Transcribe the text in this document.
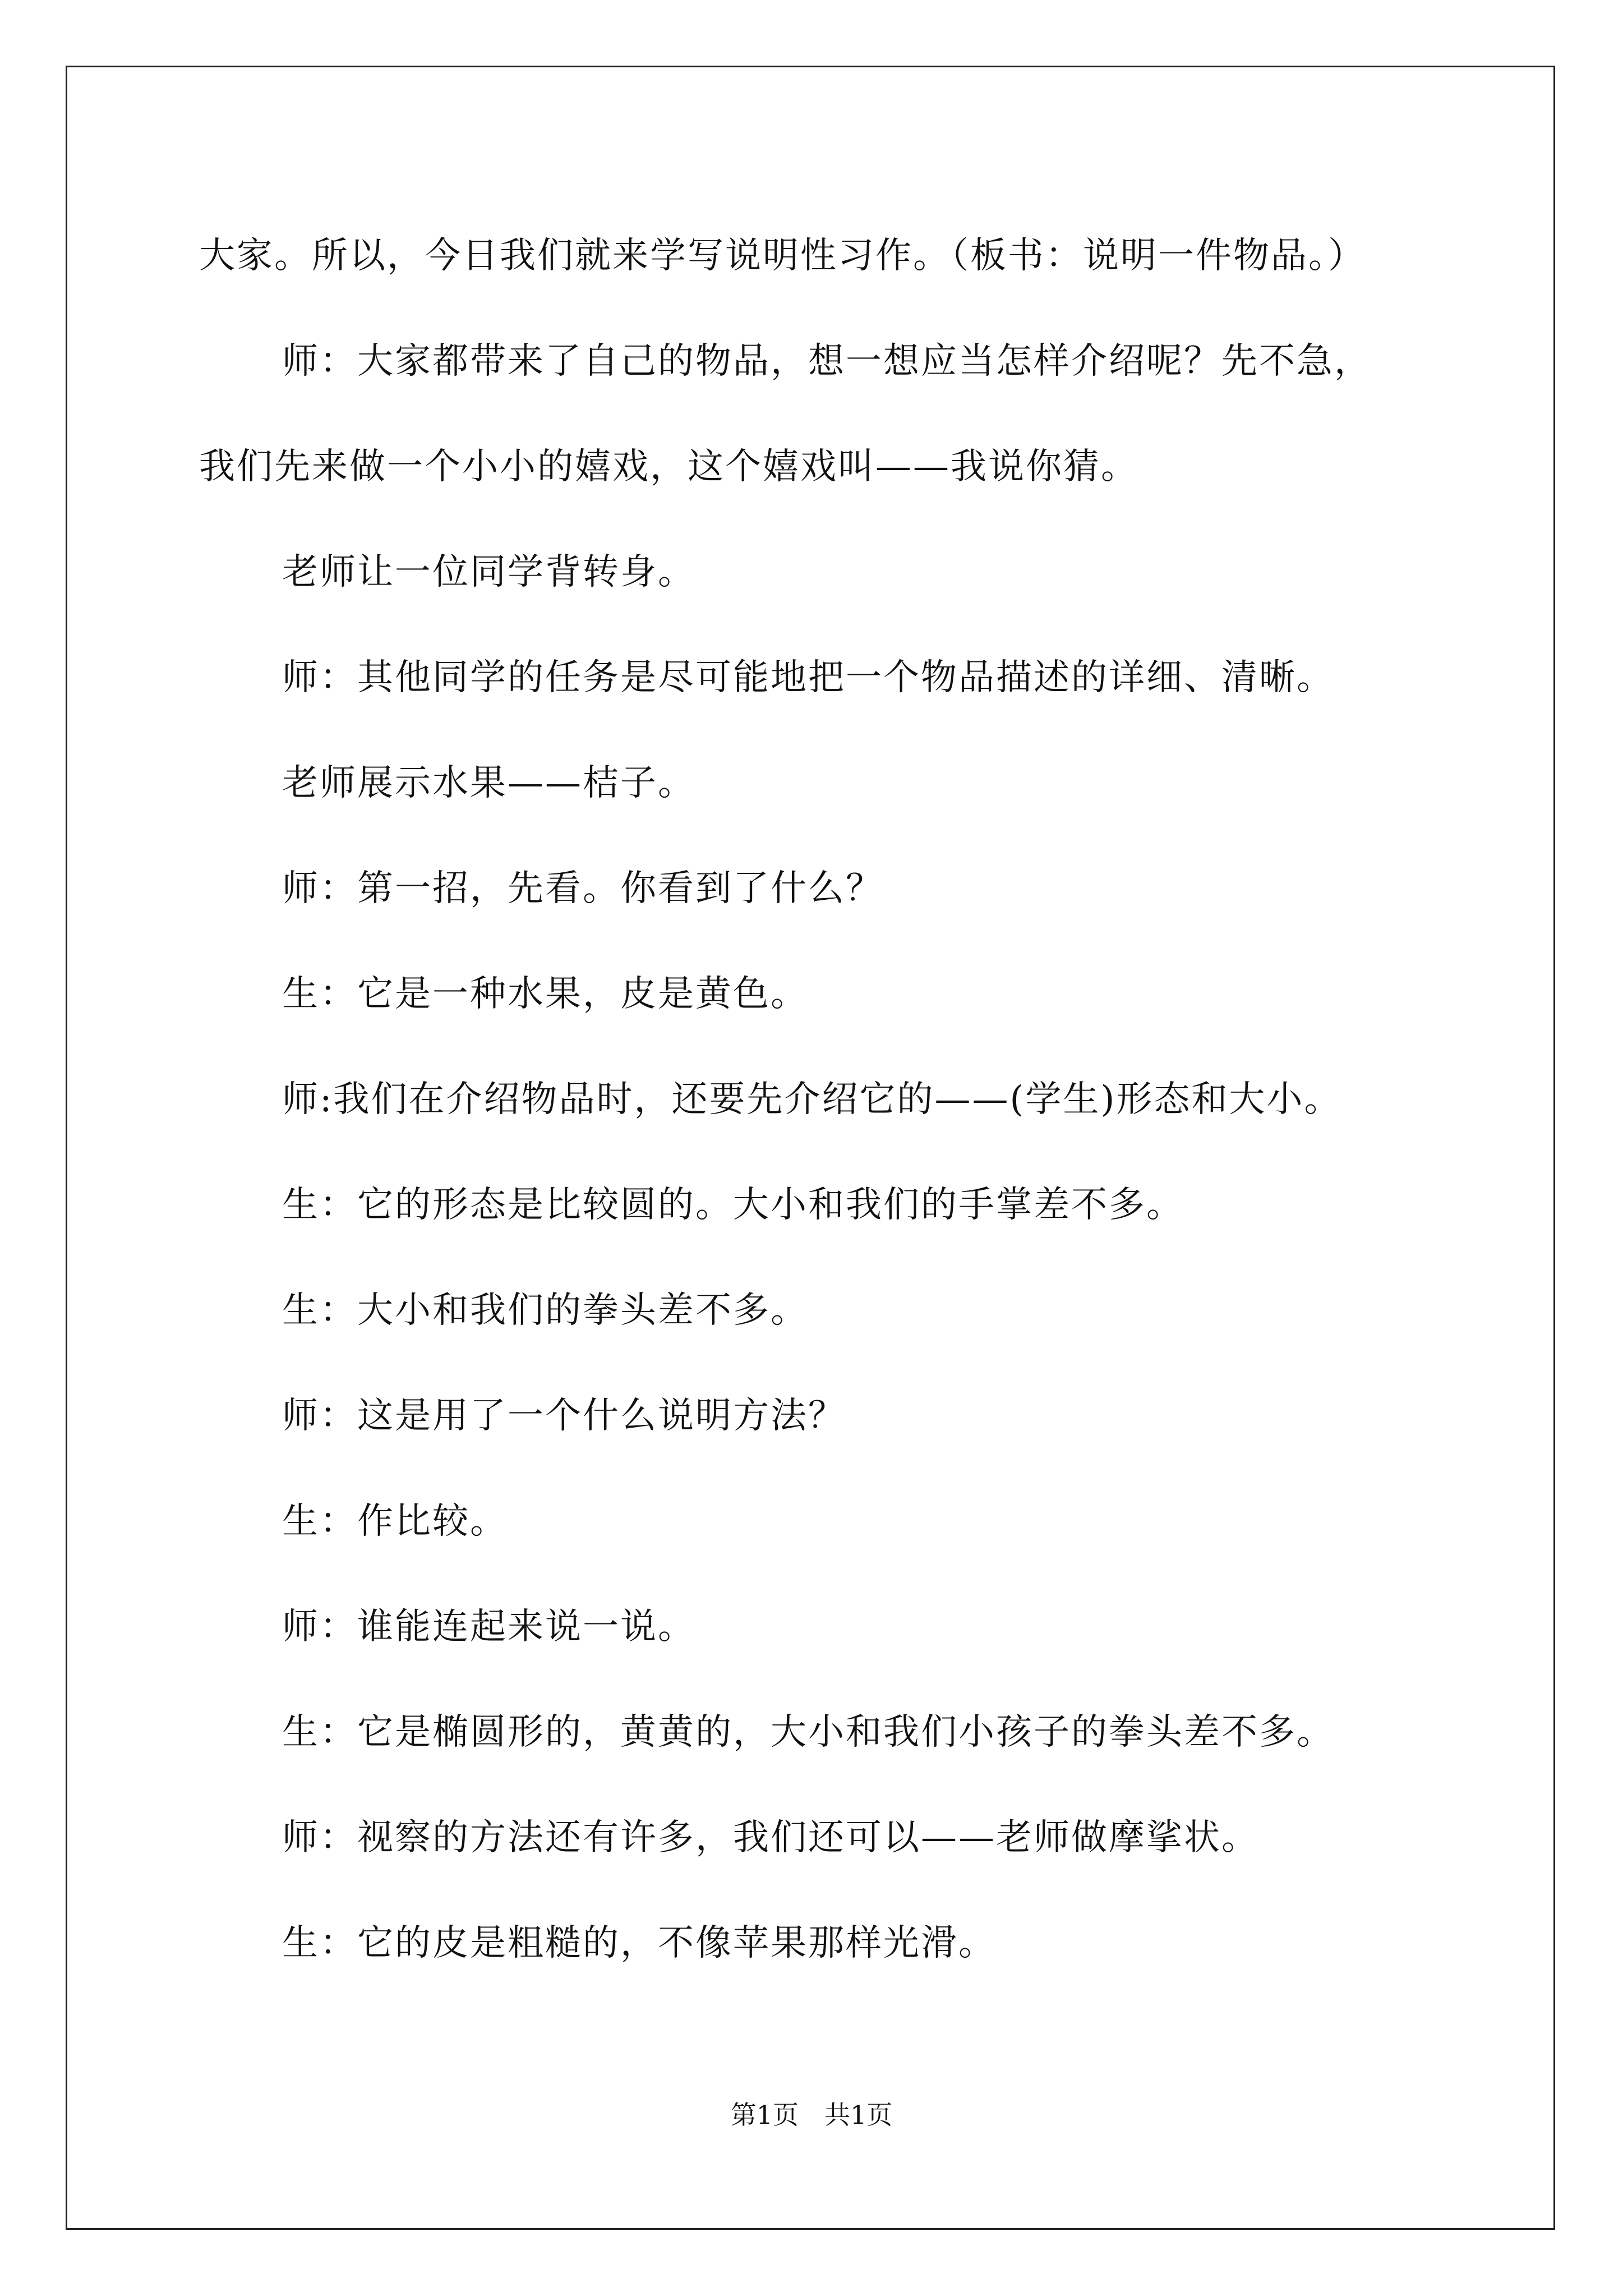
大家。所以，今日我们就来学写说明性习作。（板书：说明一件物品。）

师：大家都带来了自己的物品，想一想应当怎样介绍呢？先不急，

我们先来做一个小小的嬉戏，这个嬉戏叫——我说你猜。

老师让一位同学背转身。

师：其他同学的任务是尽可能地把一个物品描述的详细、清晰。

老师展示水果——桔子。

师：第一招，先看。你看到了什么？

生：它是一种水果，皮是黄色。

师:我们在介绍物品时，还要先介绍它的——(学生)形态和大小。

生：它的形态是比较圆的。大小和我们的手掌差不多。

生：大小和我们的拳头差不多。

师：这是用了一个什么说明方法？

生：作比较。

师：谁能连起来说一说。

生：它是椭圆形的，黄黄的，大小和我们小孩子的拳头差不多。

师：视察的方法还有许多，我们还可以——老师做摩挲状。

生：它的皮是粗糙的，不像苹果那样光滑。

第1页　共1页
